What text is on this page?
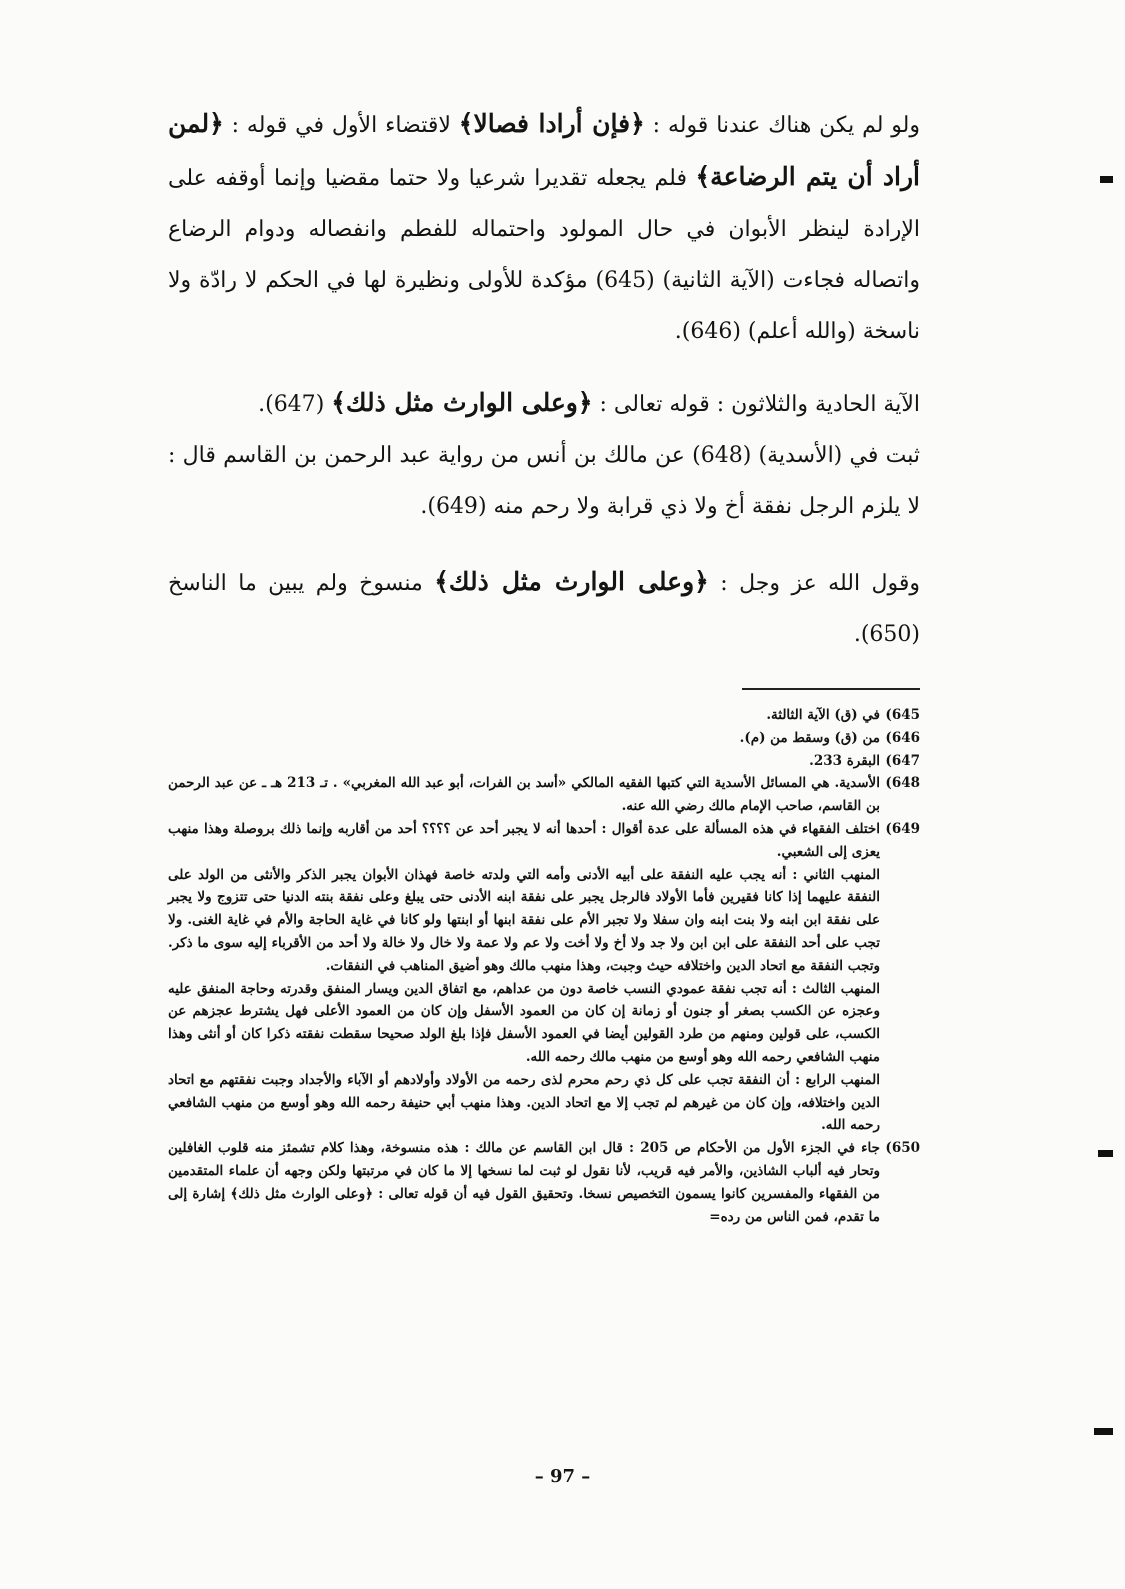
ولو لم يكن هناك عندنا قوله : ﴿فإن أرادا فصالا﴾ لاقتضاء الأول في قوله : ﴿لمن أراد أن يتم الرضاعة﴾ فلم يجعله تقديرا شرعيا ولا حتما مقضيا وإنما أوقفه على الإرادة لينظر الأبوان في حال المولود واحتماله للفطم وانفصاله ودوام الرضاع واتصاله فجاءت (الآية الثانية) (645) مؤكدة للأولى ونظيرة لها في الحكم لا رادّة ولا ناسخة (والله أعلم) (646).

الآية الحادية والثلاثون : قوله تعالى : ﴿وعلى الوارث مثل ذلك﴾ (647).

ثبت في (الأسدية) (648) عن مالك بن أنس من رواية عبد الرحمن بن القاسم قال : لا يلزم الرجل نفقة أخ ولا ذي قرابة ولا رحم منه (649).

وقول الله عز وجل : ﴿وعلى الوارث مثل ذلك﴾ منسوخ ولم يبين ما الناسخ (650).

645)
في (ق) الآية الثالثة.
646)
من (ق) وسقط من (م).
647)
البقرة 233.
648)
الأسدية. هي المسائل الأسدية التي كتبها الفقيه المالكي «أسد بن الفرات، أبو عبد الله المغربي» . تـ 213 هـ ـ عن عبد الرحمن بن القاسم، صاحب الإمام مالك رضي الله عنه.
649)
اختلف الفقهاء في هذه المسألة على عدة أقوال : أحدها أنه لا يجبر أحد عن ؟؟؟؟ أحد من أقاربه وإنما ذلك بروصلة وهذا منهب يعزى إلى الشعبي.
المنهب الثاني : أنه يجب عليه النفقة على أبيه الأدنى وأمه التي ولدته خاصة فهذان الأبوان يجبر الذكر والأنثى من الولد على النفقة عليهما إذا كانا فقيرين فأما الأولاد فالرجل يجبر على نفقة ابنه الأدنى حتى يبلغ وعلى نفقة بنته الدنيا حتى تتزوج ولا يجبر على نفقة ابن ابنه ولا بنت ابنه وان سفلا ولا تجبر الأم على نفقة ابنها أو ابنتها ولو كانا في غاية الحاجة والأم في غاية الغنى. ولا تجب على أحد النفقة على ابن ابن ولا جد ولا أخ ولا أخت ولا عم ولا عمة ولا خال ولا خالة ولا أحد من الأقرباء إليه سوى ما ذكر. وتجب النفقة مع اتحاد الدين واختلافه حيث وجبت، وهذا منهب مالك وهو أضيق المناهب في النفقات.
المنهب الثالث : أنه تجب نفقة عمودي النسب خاصة دون من عداهم، مع اتفاق الدين ويسار المنفق وقدرته وحاجة المنفق عليه وعجزه عن الكسب بصغر أو جنون أو زمانة إن كان من العمود الأسفل وإن كان من العمود الأعلى فهل يشترط عجزهم عن الكسب، على قولين ومنهم من طرد القولين أيضا في العمود الأسفل فإذا بلغ الولد صحيحا سقطت نفقته ذكرا كان أو أنثى وهذا منهب الشافعي رحمه الله وهو أوسع من منهب مالك رحمه الله.
المنهب الرابع : أن النفقة تجب على كل ذي رحم محرم لذى رحمه من الأولاد وأولادهم أو الآباء والأجداد وجبت نفقتهم مع اتحاد الدين واختلافه، وإن كان من غيرهم لم تجب إلا مع اتحاد الدين. وهذا منهب أبي حنيفة رحمه الله وهو أوسع من منهب الشافعي رحمه الله.
650)
جاء في الجزء الأول من الأحكام ص 205 : قال ابن القاسم عن مالك : هذه منسوخة، وهذا كلام تشمئز منه قلوب الغافلين وتحار فيه ألباب الشاذين، والأمر فيه قريب، لأنا نقول لو ثبت لما نسخها إلا ما كان في مرتبتها ولكن وجهه أن علماء المتقدمين من الفقهاء والمفسرين كانوا يسمون التخصيص نسخا. وتحقيق القول فيه أن قوله تعالى : ﴿وعلى الوارث مثل ذلك﴾ إشارة إلى ما تقدم، فمن الناس من رده=
– 97 –
